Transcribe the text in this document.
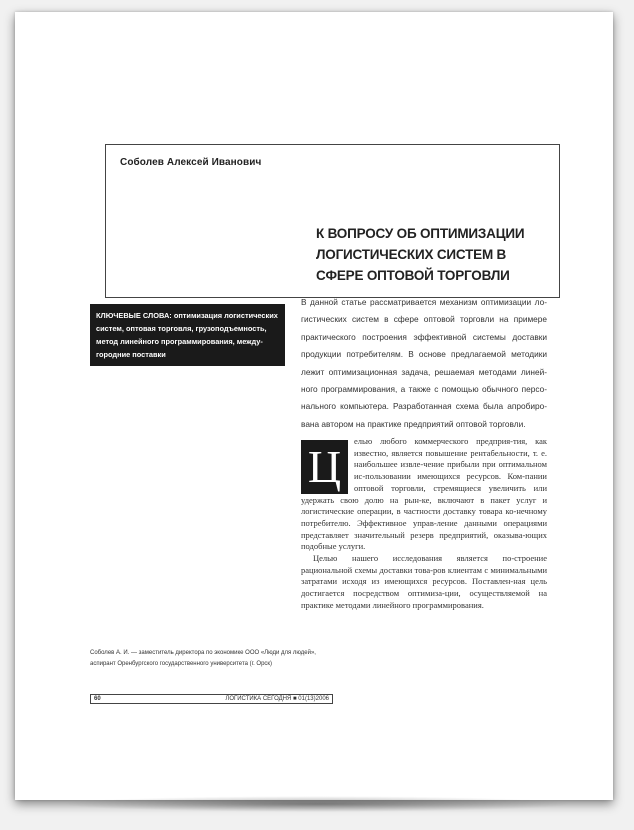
Соболев Алексей Иванович
К ВОПРОСУ ОБ ОПТИМИЗАЦИИ ЛОГИСТИЧЕСКИХ СИСТЕМ В СФЕРЕ ОПТОВОЙ ТОРГОВЛИ
КЛЮЧЕВЫЕ СЛОВА: оптимизация логистических систем, оптовая торговля, грузоподъемность, метод линейного программирования, между-городние поставки
В данной статье рассматривается механизм оптимизации ло-гистических систем в сфере оптовой торговли на примере практического построения эффективной системы доставки продукции потребителям. В основе предлагаемой методики лежит оптимизационная задача, решаемая методами линей-ного программирования, а также с помощью обычного персо-нального компьютера. Разработанная схема была апробиро-вана автором на практике предприятий оптовой торговли.
Ц	елью любого коммерческого предприя-тия, как известно, является повышение рентабельности, т. е. наибольшее извле-чение прибыли при оптимальном ис-пользовании имеющихся ресурсов. Ком-пании оптовой торговли, стремящиеся увеличить или удержать свою долю на рын-ке, включают в пакет услуг и логистические операции, в частности доставку товара ко-нечному потребителю. Эффективное управ-ление данными операциями представляет значительный резерв предприятий, оказыва-ющих подобные услуги.

Целью нашего исследования является по-строение рациональной схемы доставки това-ров клиентам с минимальными затратами исходя из имеющихся ресурсов. Поставлен-ная цель достигается посредством оптимиза-ции, осуществляемой на практике методами линейного программирования.

Соболев А. И. — заместитель директора по экономике ООО «Люди для людей», аспирант Оренбургского государственного университета (г. Орск)
60	ЛОГИСТИКА СЕГОДНЯ ■ 01(13)2006
